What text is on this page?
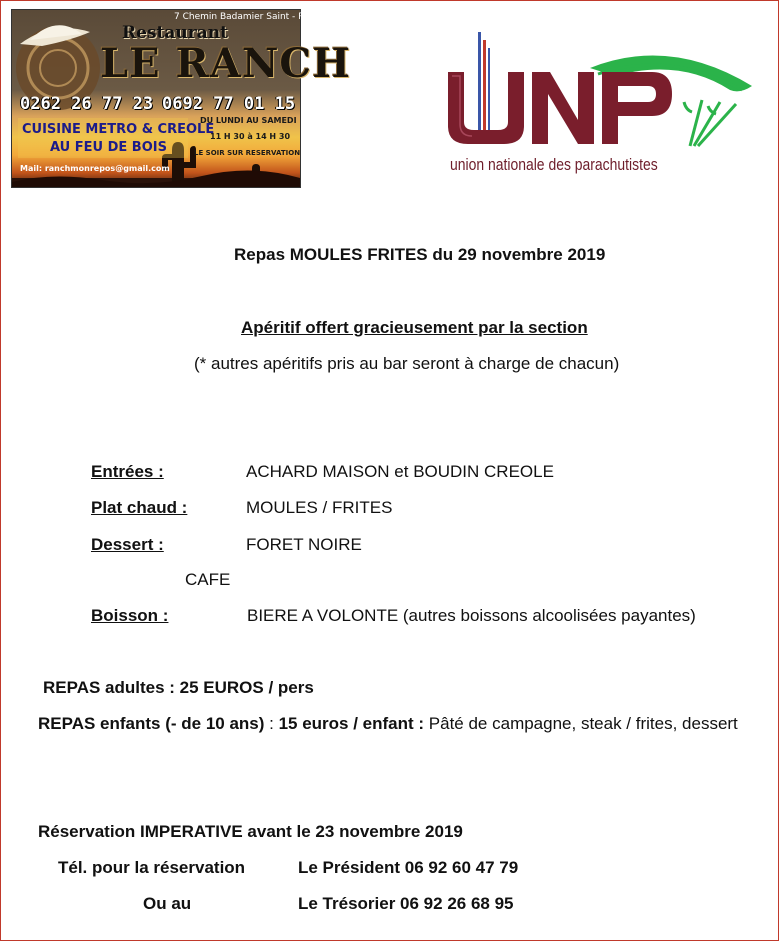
7 Chemin Badamier Saint - Pierre
Restaurant
LE RANCH
0262 26 77 23 0692 77 01 15
CUISINE METRO & CREOLE
AU FEU DE BOIS
DU LUNDI AU SAMEDI
11 H 30 à 14 H 30
LE SOIR SUR RESERVATION
Mail: ranchmonrepos@gmail.com	union nationale des parachutistes
Repas MOULES FRITES du 29 novembre 2019
Apéritif offert gracieusement par la section
(* autres apéritifs pris au bar seront à charge de chacun)
Entrées :	ACHARD MAISON et BOUDIN CREOLE
Plat chaud :	MOULES / FRITES
Dessert :	FORET NOIRE
CAFE
Boisson :	BIERE A VOLONTE (autres boissons alcoolisées payantes)
REPAS adultes : 25 EUROS / pers
REPAS enfants (- de 10 ans) : 15 euros / enfant : Pâté de campagne, steak / frites, dessert
Réservation IMPERATIVE avant le 23 novembre 2019
Tél. pour la réservation	Le Président 06 92 60 47 79
Ou au	Le Trésorier 06 92 26 68 95
